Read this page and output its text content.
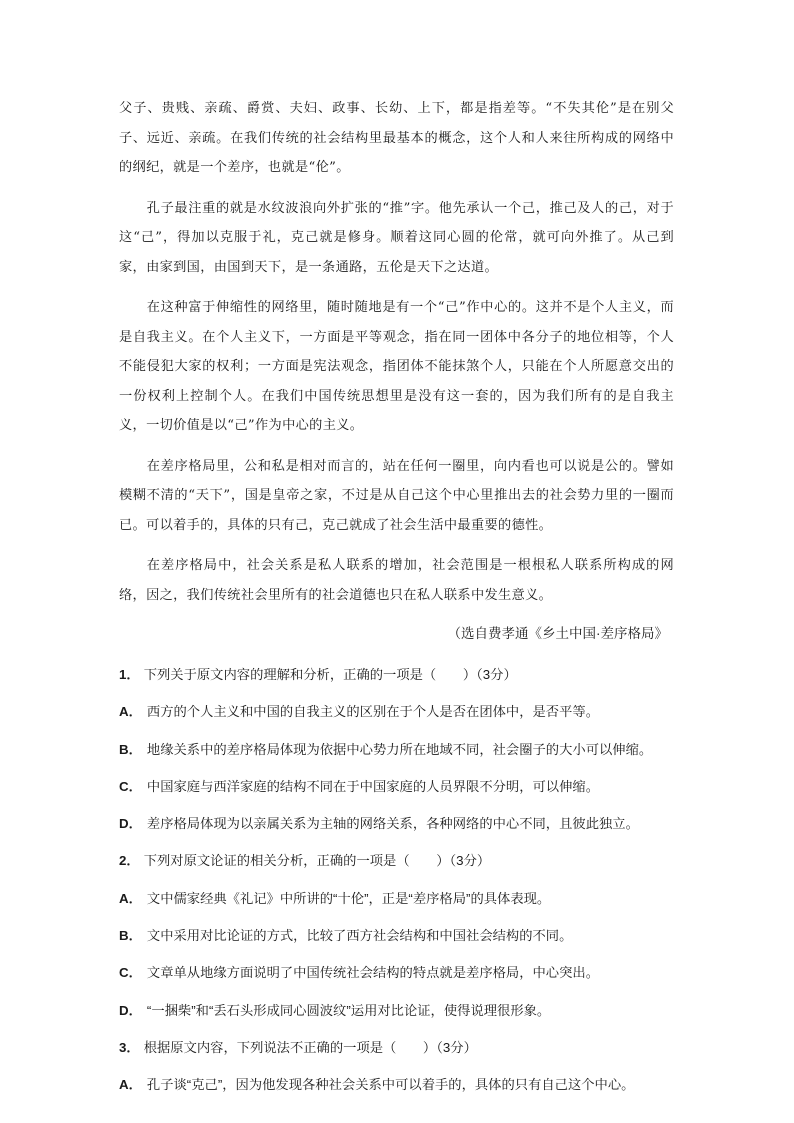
父子、贵贱、亲疏、爵赏、夫妇、政事、长幼、上下，都是指差等。“不失其伦”是在别父子、远近、亲疏。在我们传统的社会结构里最基本的概念，这个人和人来往所构成的网络中的纲纪，就是一个差序，也就是“伦”。

孔子最注重的就是水纹波浪向外扩张的“推”字。他先承认一个己，推己及人的己，对于这“己”，得加以克服于礼，克己就是修身。顺着这同心圆的伦常，就可向外推了。从己到家，由家到国，由国到天下，是一条通路，五伦是天下之达道。

在这种富于伸缩性的网络里，随时随地是有一个“己”作中心的。这并不是个人主义，而是自我主义。在个人主义下，一方面是平等观念，指在同一团体中各分子的地位相等，个人不能侵犯大家的权利；一方面是宪法观念，指团体不能抹煞个人，只能在个人所愿意交出的一份权利上控制个人。在我们中国传统思想里是没有这一套的，因为我们所有的是自我主义，一切价值是以“己”作为中心的主义。

在差序格局里，公和私是相对而言的，站在任何一圈里，向内看也可以说是公的。譬如模糊不清的“天下”，国是皇帝之家，不过是从自己这个中心里推出去的社会势力里的一圈而已。可以着手的，具体的只有己，克己就成了社会生活中最重要的德性。

在差序格局中，社会关系是私人联系的增加，社会范围是一根根私人联系所构成的网络，因之，我们传统社会里所有的社会道德也只在私人联系中发生意义。

（选自费孝通《乡土中国·差序格局》

1． 下列关于原文内容的理解和分析，正确的一项是（　　）（3分）

A． 西方的个人主义和中国的自我主义的区别在于个人是否在团体中，是否平等。

B． 地缘关系中的差序格局体现为依据中心势力所在地域不同，社会圈子的大小可以伸缩。

C． 中国家庭与西洋家庭的结构不同在于中国家庭的人员界限不分明，可以伸缩。

D． 差序格局体现为以亲属关系为主轴的网络关系，各种网络的中心不同，且彼此独立。

2． 下列对原文论证的相关分析，正确的一项是（　　）（3分）

A． 文中儒家经典《礼记》中所讲的“十伦”，正是“差序格局”的具体表现。

B． 文中采用对比论证的方式，比较了西方社会结构和中国社会结构的不同。

C． 文章单从地缘方面说明了中国传统社会结构的特点就是差序格局，中心突出。

D． “一捆柴”和“丢石头形成同心圆波纹”运用对比论证，使得说理很形象。

3． 根据原文内容，下列说法不正确的一项是（　　）（3分）

A． 孔子谈“克己”，因为他发现各种社会关系中可以着手的，具体的只有自己这个中心。
